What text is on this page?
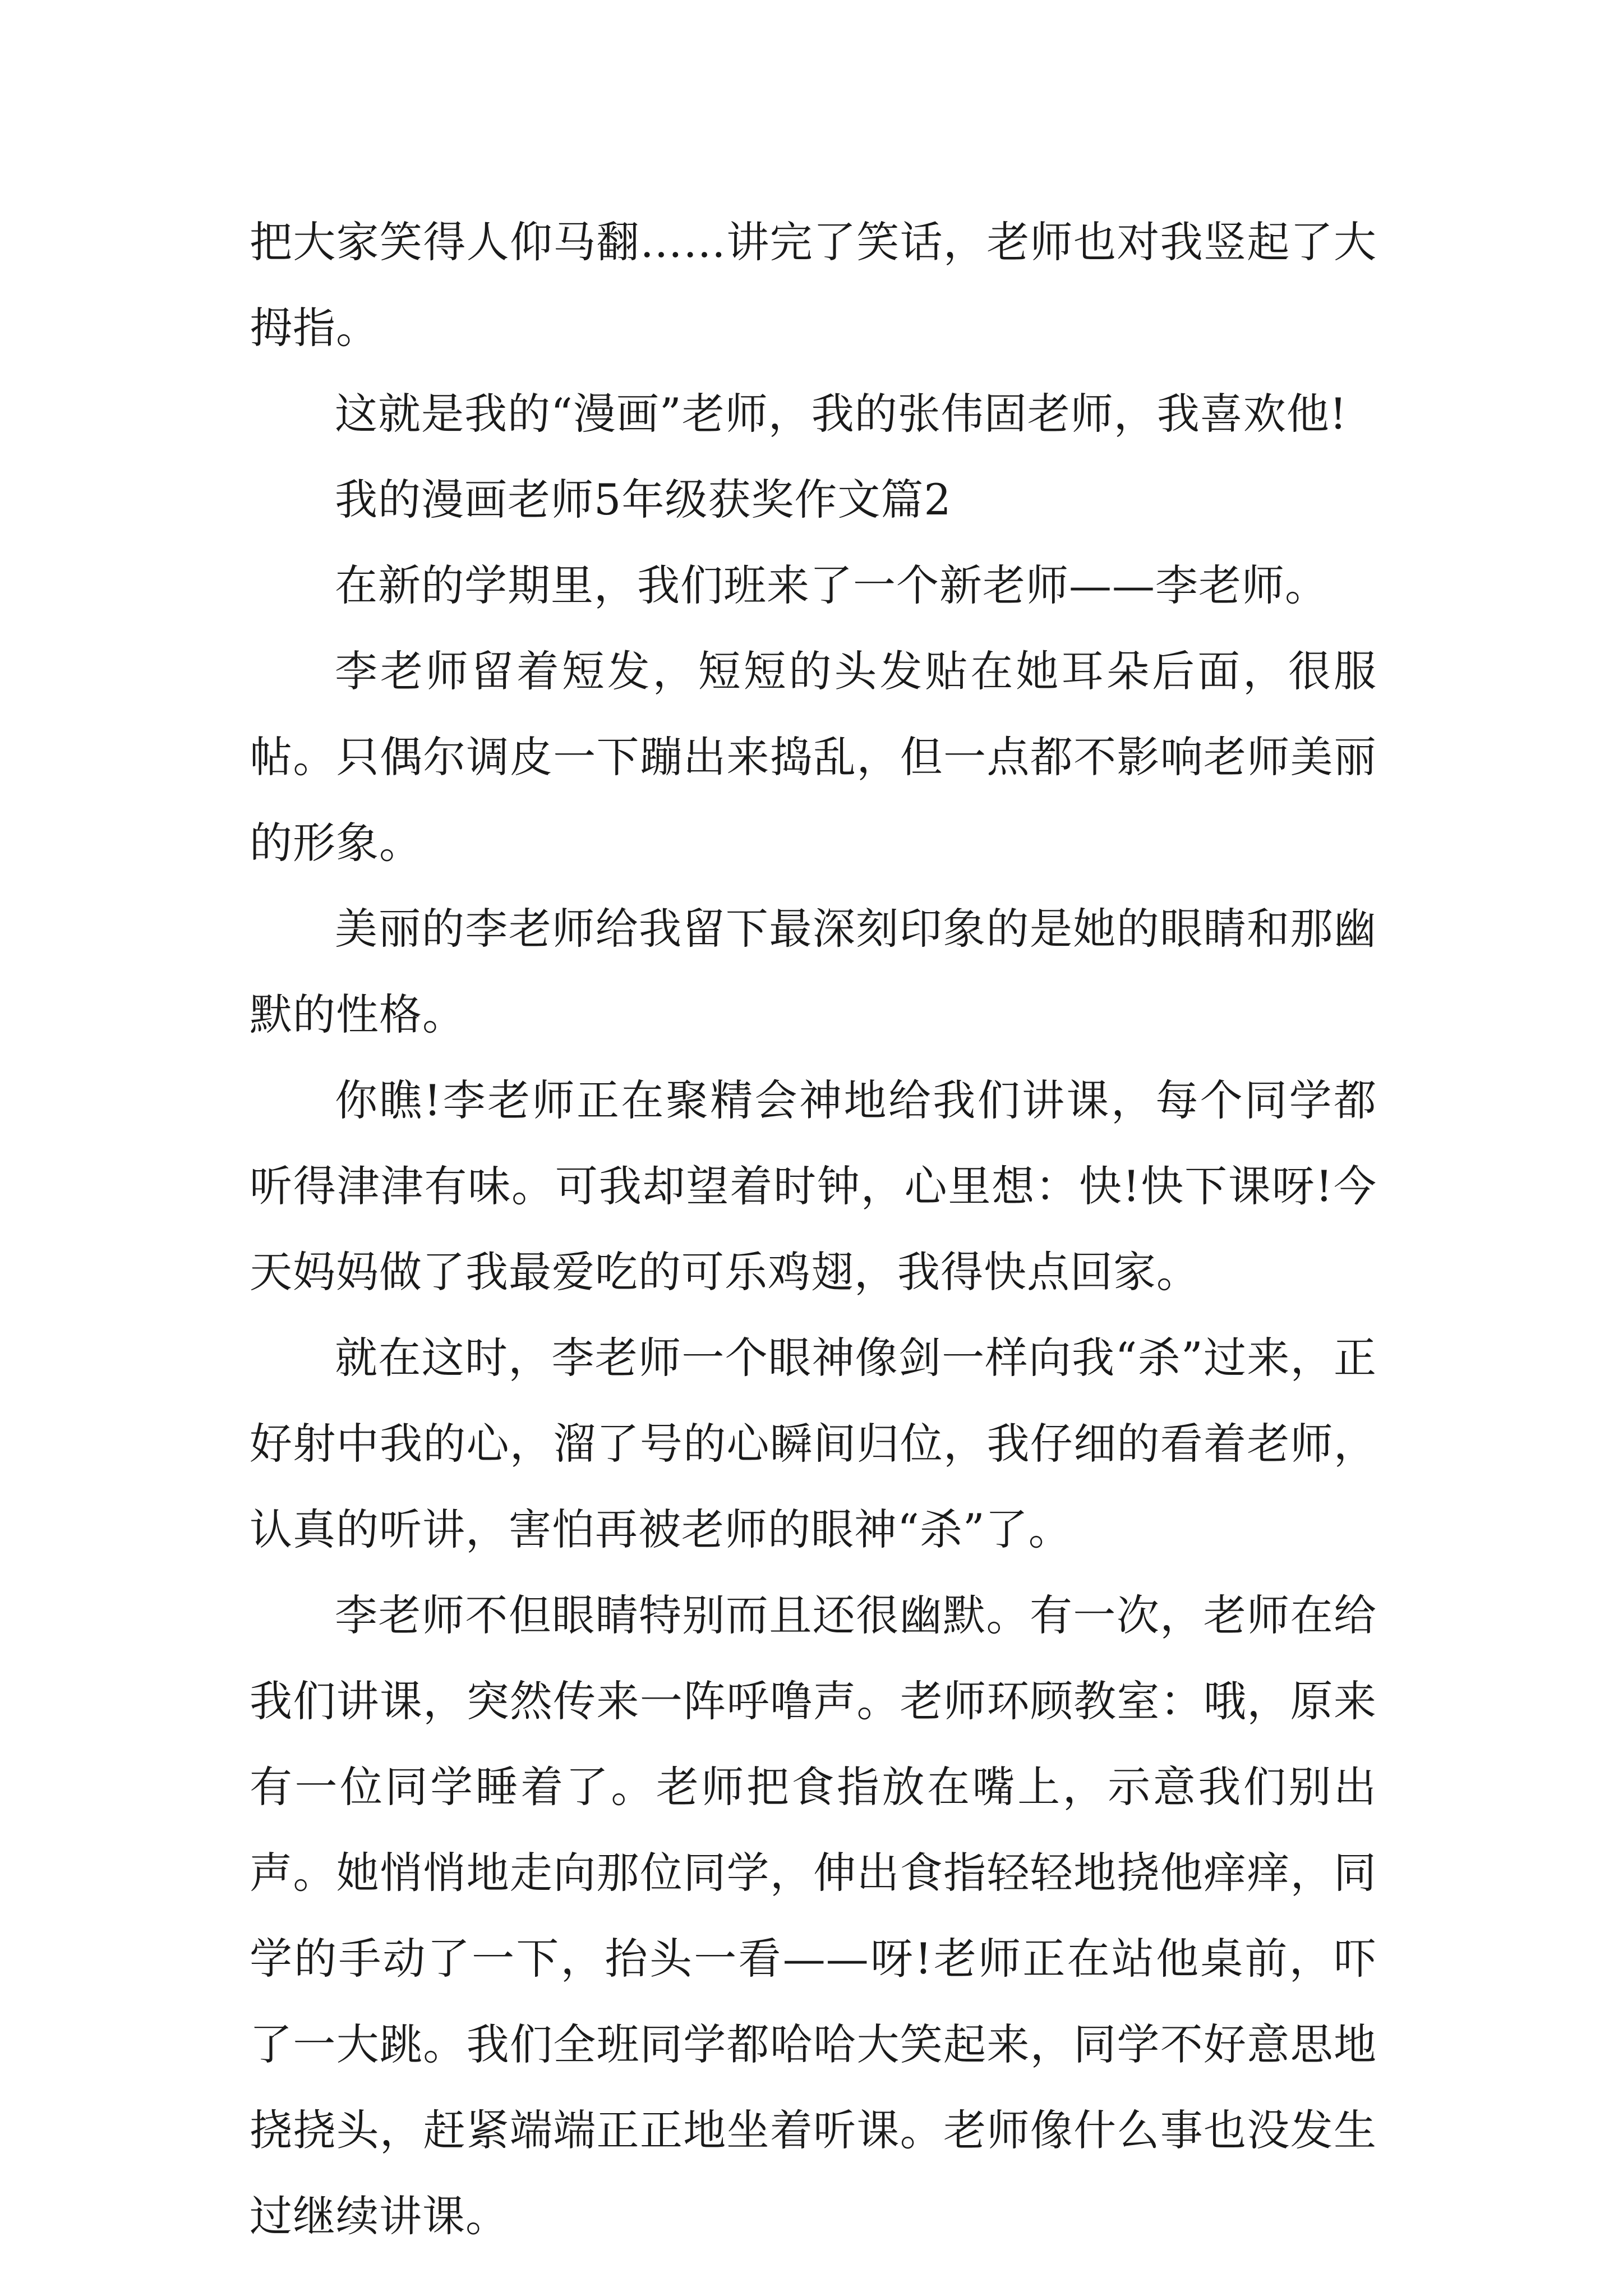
把大家笑得人仰马翻……讲完了笑话，老师也对我竖起了大拇指。

这就是我的“漫画”老师，我的张伟固老师，我喜欢他!

我的漫画老师5年级获奖作文篇2

在新的学期里，我们班来了一个新老师——李老师。

李老师留着短发，短短的头发贴在她耳朵后面，很服帖。只偶尔调皮一下蹦出来捣乱，但一点都不影响老师美丽的形象。

美丽的李老师给我留下最深刻印象的是她的眼睛和那幽默的性格。

你瞧!李老师正在聚精会神地给我们讲课，每个同学都听得津津有味。可我却望着时钟，心里想：快!快下课呀!今天妈妈做了我最爱吃的可乐鸡翅，我得快点回家。

就在这时，李老师一个眼神像剑一样向我“杀”过来，正好射中我的心，溜了号的心瞬间归位，我仔细的看着老师，认真的听讲，害怕再被老师的眼神“杀”了。

李老师不但眼睛特别而且还很幽默。有一次，老师在给我们讲课，突然传来一阵呼噜声。老师环顾教室：哦，原来有一位同学睡着了。老师把食指放在嘴上，示意我们别出声。她悄悄地走向那位同学，伸出食指轻轻地挠他痒痒，同学的手动了一下，抬头一看——呀!老师正在站他桌前，吓了一大跳。我们全班同学都哈哈大笑起来，同学不好意思地挠挠头，赶紧端端正正地坐着听课。老师像什么事也没发生过继续讲课。
